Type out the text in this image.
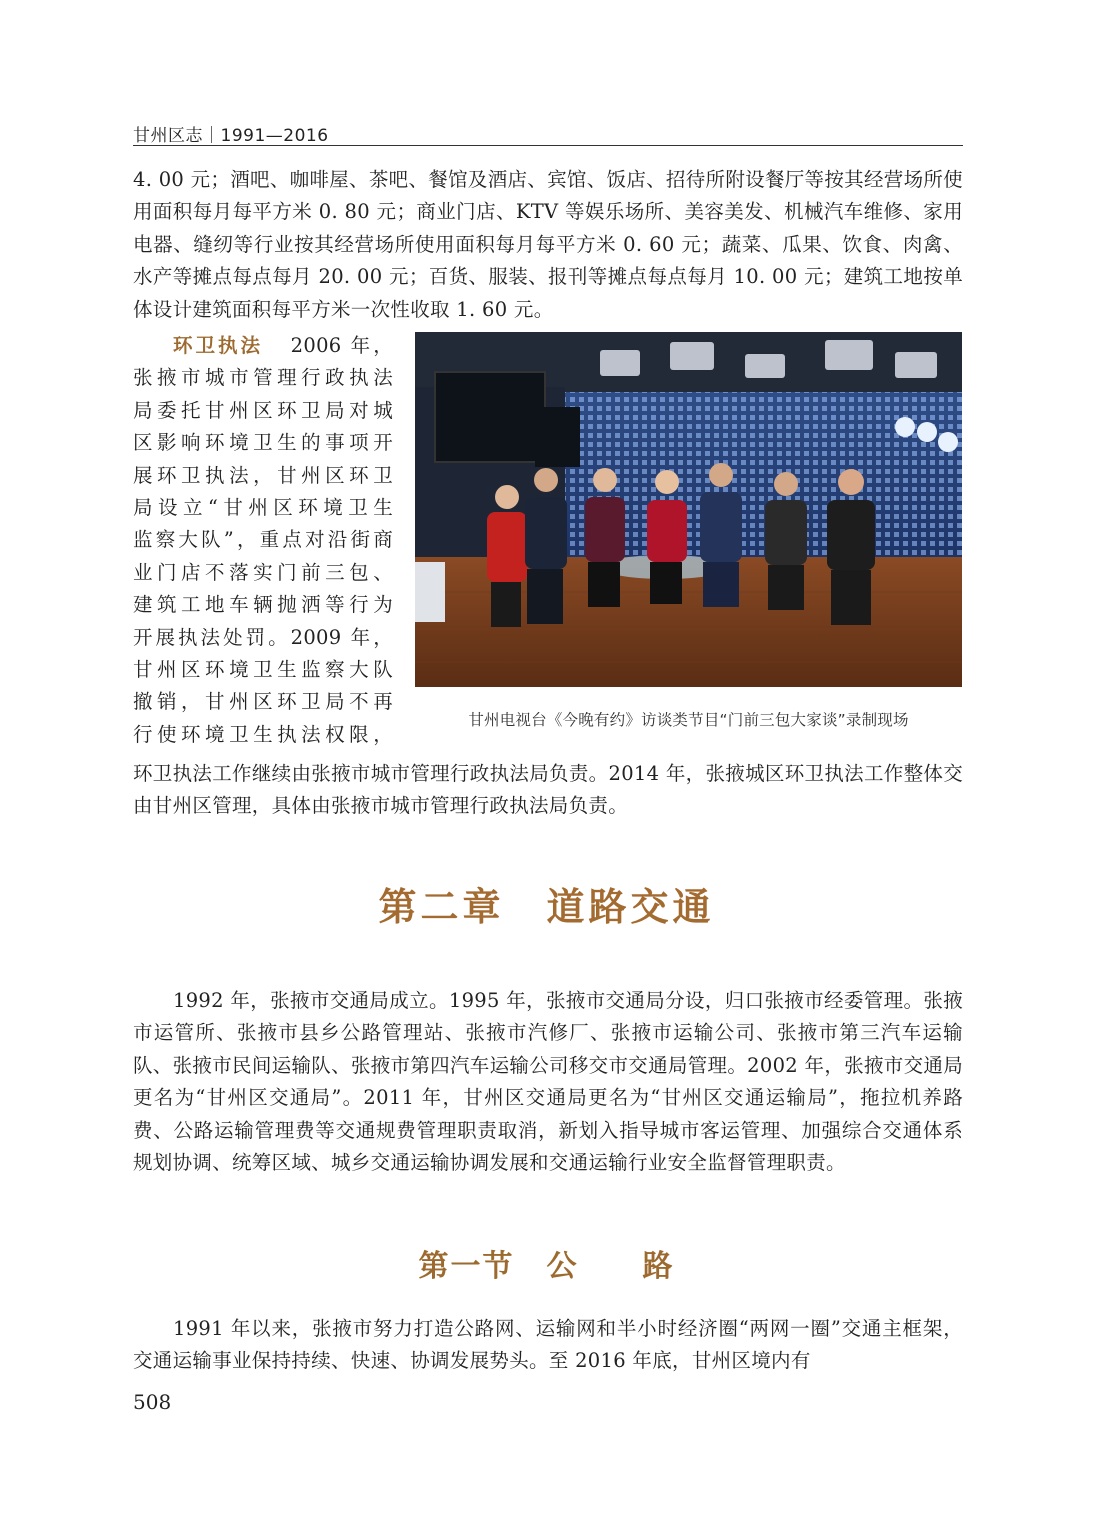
甘州区志｜1991—2016
4. 00 元；酒吧、咖啡屋、茶吧、餐馆及酒店、宾馆、饭店、招待所附设餐厅等按其经营场所使用面积每月每平方米 0. 80 元；商业门店、KTV 等娱乐场所、美容美发、机械汽车维修、家用电器、缝纫等行业按其经营场所使用面积每月每平方米 0. 60 元；蔬菜、瓜果、饮食、肉禽、水产等摊点每点每月 20. 00 元；百货、服装、报刊等摊点每点每月 10. 00 元；建筑工地按单体设计建筑面积每平方米一次性收取 1. 60 元。
环卫执法 2006 年，
张掖市城市管理行政执法
局委托甘州区环卫局对城
区影响环境卫生的事项开
展环卫执法，甘州区环卫
局设立“甘州区环境卫生
监察大队”，重点对沿街商
业门店不落实门前三包、
建筑工地车辆抛洒等行为
开展执法处罚。2009 年，
甘州区环境卫生监察大队
撤销，甘州区环卫局不再
行使环境卫生执法权限，
甘州电视台《今晚有约》访谈类节目“门前三包大家谈”录制现场
环卫执法工作继续由张掖市城市管理行政执法局负责。2014 年，张掖城区环卫执法工作整体交由甘州区管理，具体由张掖市城市管理行政执法局负责。
第二章　道路交通
1992 年，张掖市交通局成立。1995 年，张掖市交通局分设，归口张掖市经委管理。张掖市运管所、张掖市县乡公路管理站、张掖市汽修厂、张掖市运输公司、张掖市第三汽车运输队、张掖市民间运输队、张掖市第四汽车运输公司移交市交通局管理。2002 年，张掖市交通局更名为“甘州区交通局”。2011 年，甘州区交通局更名为“甘州区交通运输局”，拖拉机养路费、公路运输管理费等交通规费管理职责取消，新划入指导城市客运管理、加强综合交通体系规划协调、统筹区域、城乡交通运输协调发展和交通运输行业安全监督管理职责。
第一节　公　　路
1991 年以来，张掖市努力打造公路网、运输网和半小时经济圈“两网一圈”交通主框架，交通运输事业保持持续、快速、协调发展势头。至 2016 年底，甘州区境内有
508
